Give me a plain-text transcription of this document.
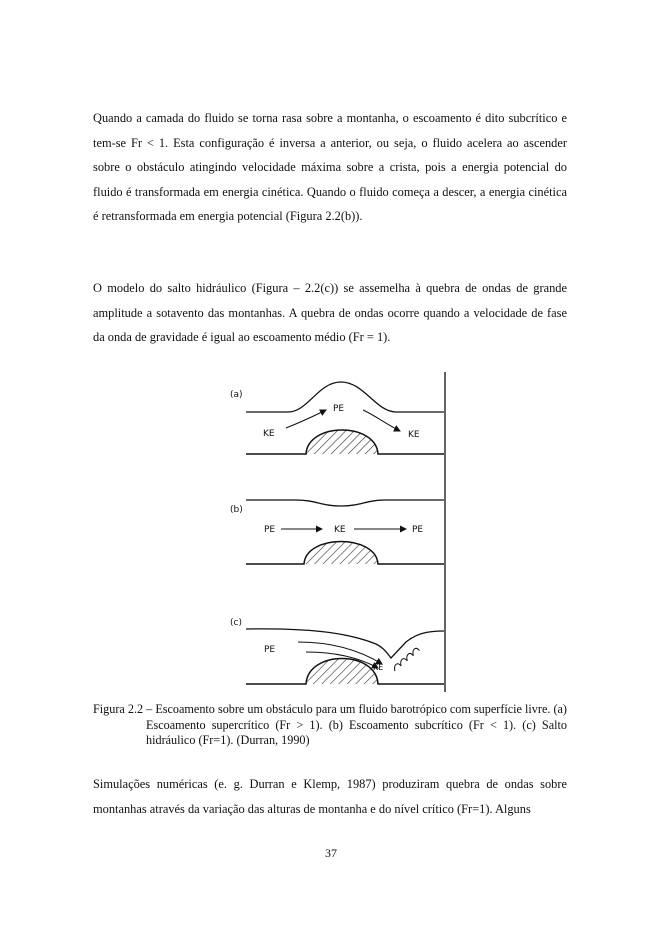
Quando a camada do fluido se torna rasa sobre a montanha, o escoamento é dito subcrítico e tem-se Fr < 1. Esta configuração é inversa a anterior, ou seja, o fluido acelera ao ascender sobre o obstáculo atingindo velocidade máxima sobre a crista, pois a energia potencial do fluido é transformada em energia cinética. Quando o fluido começa a descer, a energia cinética é retransformada em energia potencial (Figura 2.2(b)).

O modelo do salto hidráulico (Figura – 2.2(c)) se assemelha à quebra de ondas de grande amplitude a sotavento das montanhas. A quebra de ondas ocorre quando a velocidade de fase da onda de gravidade é igual ao escoamento médio (Fr = 1).

(a)
KE
PE
KE
(b)
PE	KE	PE
(c)
PE
KE

Figura 2.2 – Escoamento sobre um obstáculo para um fluido barotrópico com superfície livre. (a) Escoamento supercrítico (Fr > 1). (b) Escoamento subcrítico (Fr < 1). (c) Salto hidráulico (Fr=1). (Durran, 1990)

Simulações numéricas (e. g. Durran e Klemp, 1987) produziram quebra de ondas sobre montanhas através da variação das alturas de montanha e do nível crítico (Fr=1). Alguns

37
